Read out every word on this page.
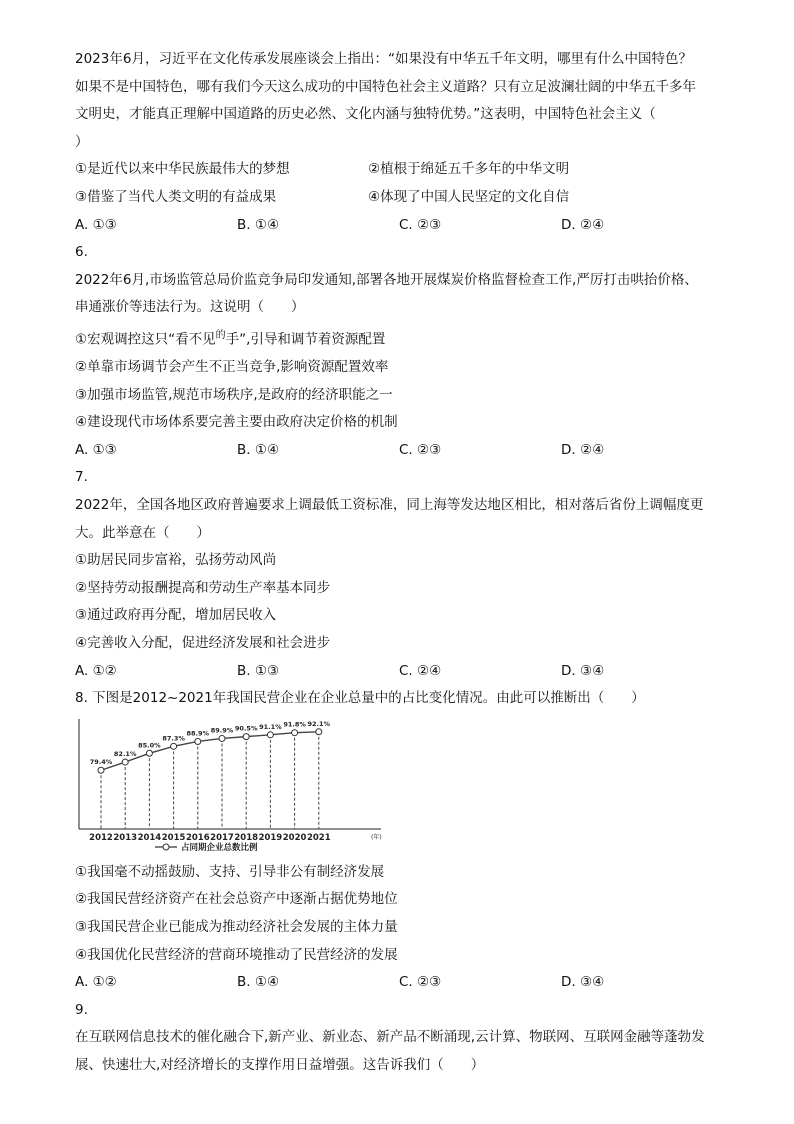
2023年6月，习近平在文化传承发展座谈会上指出：“如果没有中华五千年文明，哪里有什么中国特色？
如果不是中国特色，哪有我们今天这么成功的中国特色社会主义道路？只有立足波澜壮阔的中华五千多年
文明史，才能真正理解中国道路的历史必然、文化内涵与独特优势。”这表明，中国特色社会主义（
）
①是近代以来中华民族最伟大的梦想	②植根于绵延五千多年的中华文明
③借鉴了当代人类文明的有益成果	④体现了中国人民坚定的文化自信
A. ①③	B. ①④	C. ②③	D. ②④
6.
2022年6月,市场监管总局价监竞争局印发通知,部署各地开展煤炭价格监督检查工作,严厉打击哄抬价格、
串通涨价等违法行为。这说明（　　）
①宏观调控这只“看不见$^的$手”,引导和调节着资源配置
②单靠市场调节会产生不正当竞争,影响资源配置效率
③加强市场监管,规范市场秩序,是政府的经济职能之一
④建设现代市场体系要完善主要由政府决定价格的机制
A. ①③	B. ①④	C. ②③	D. ②④
7.
2022年，全国各地区政府普遍要求上调最低工资标准，同上海等发达地区相比，相对落后省份上调幅度更
大。此举意在（　　）
①助居民同步富裕，弘扬劳动风尚
②坚持劳动报酬提高和劳动生产率基本同步
③通过政府再分配，增加居民收入
④完善收入分配，促进经济发展和社会进步
A. ①②	B. ①③	C. ②④	D. ③④
8. 下图是2012~2021年我国民营企业在企业总量中的占比变化情况。由此可以推断出（　　）
79.4%
82.1%
85.0%
87.3%
88.9% 89.9% 90.5% 91.1% 91.8% 92.1%
2012 2013 2014 2015 2016 2017 2018 2019 2020 2021	(年)
占同期企业总数比例
①我国毫不动摇鼓励、支持、引导非公有制经济发展
②我国民营经济资产在社会总资产中逐渐占据优势地位
③我国民营企业已能成为推动经济社会发展的主体力量
④我国优化民营经济的营商环境推动了民营经济的发展
A. ①②	B. ①④	C. ②③	D. ③④
9.
在互联网信息技术的催化融合下,新产业、新业态、新产品不断涌现,云计算、物联网、互联网金融等蓬勃发展、快速壮大,对经济增长的支撑作用日益增强。这告诉我们（　　）
